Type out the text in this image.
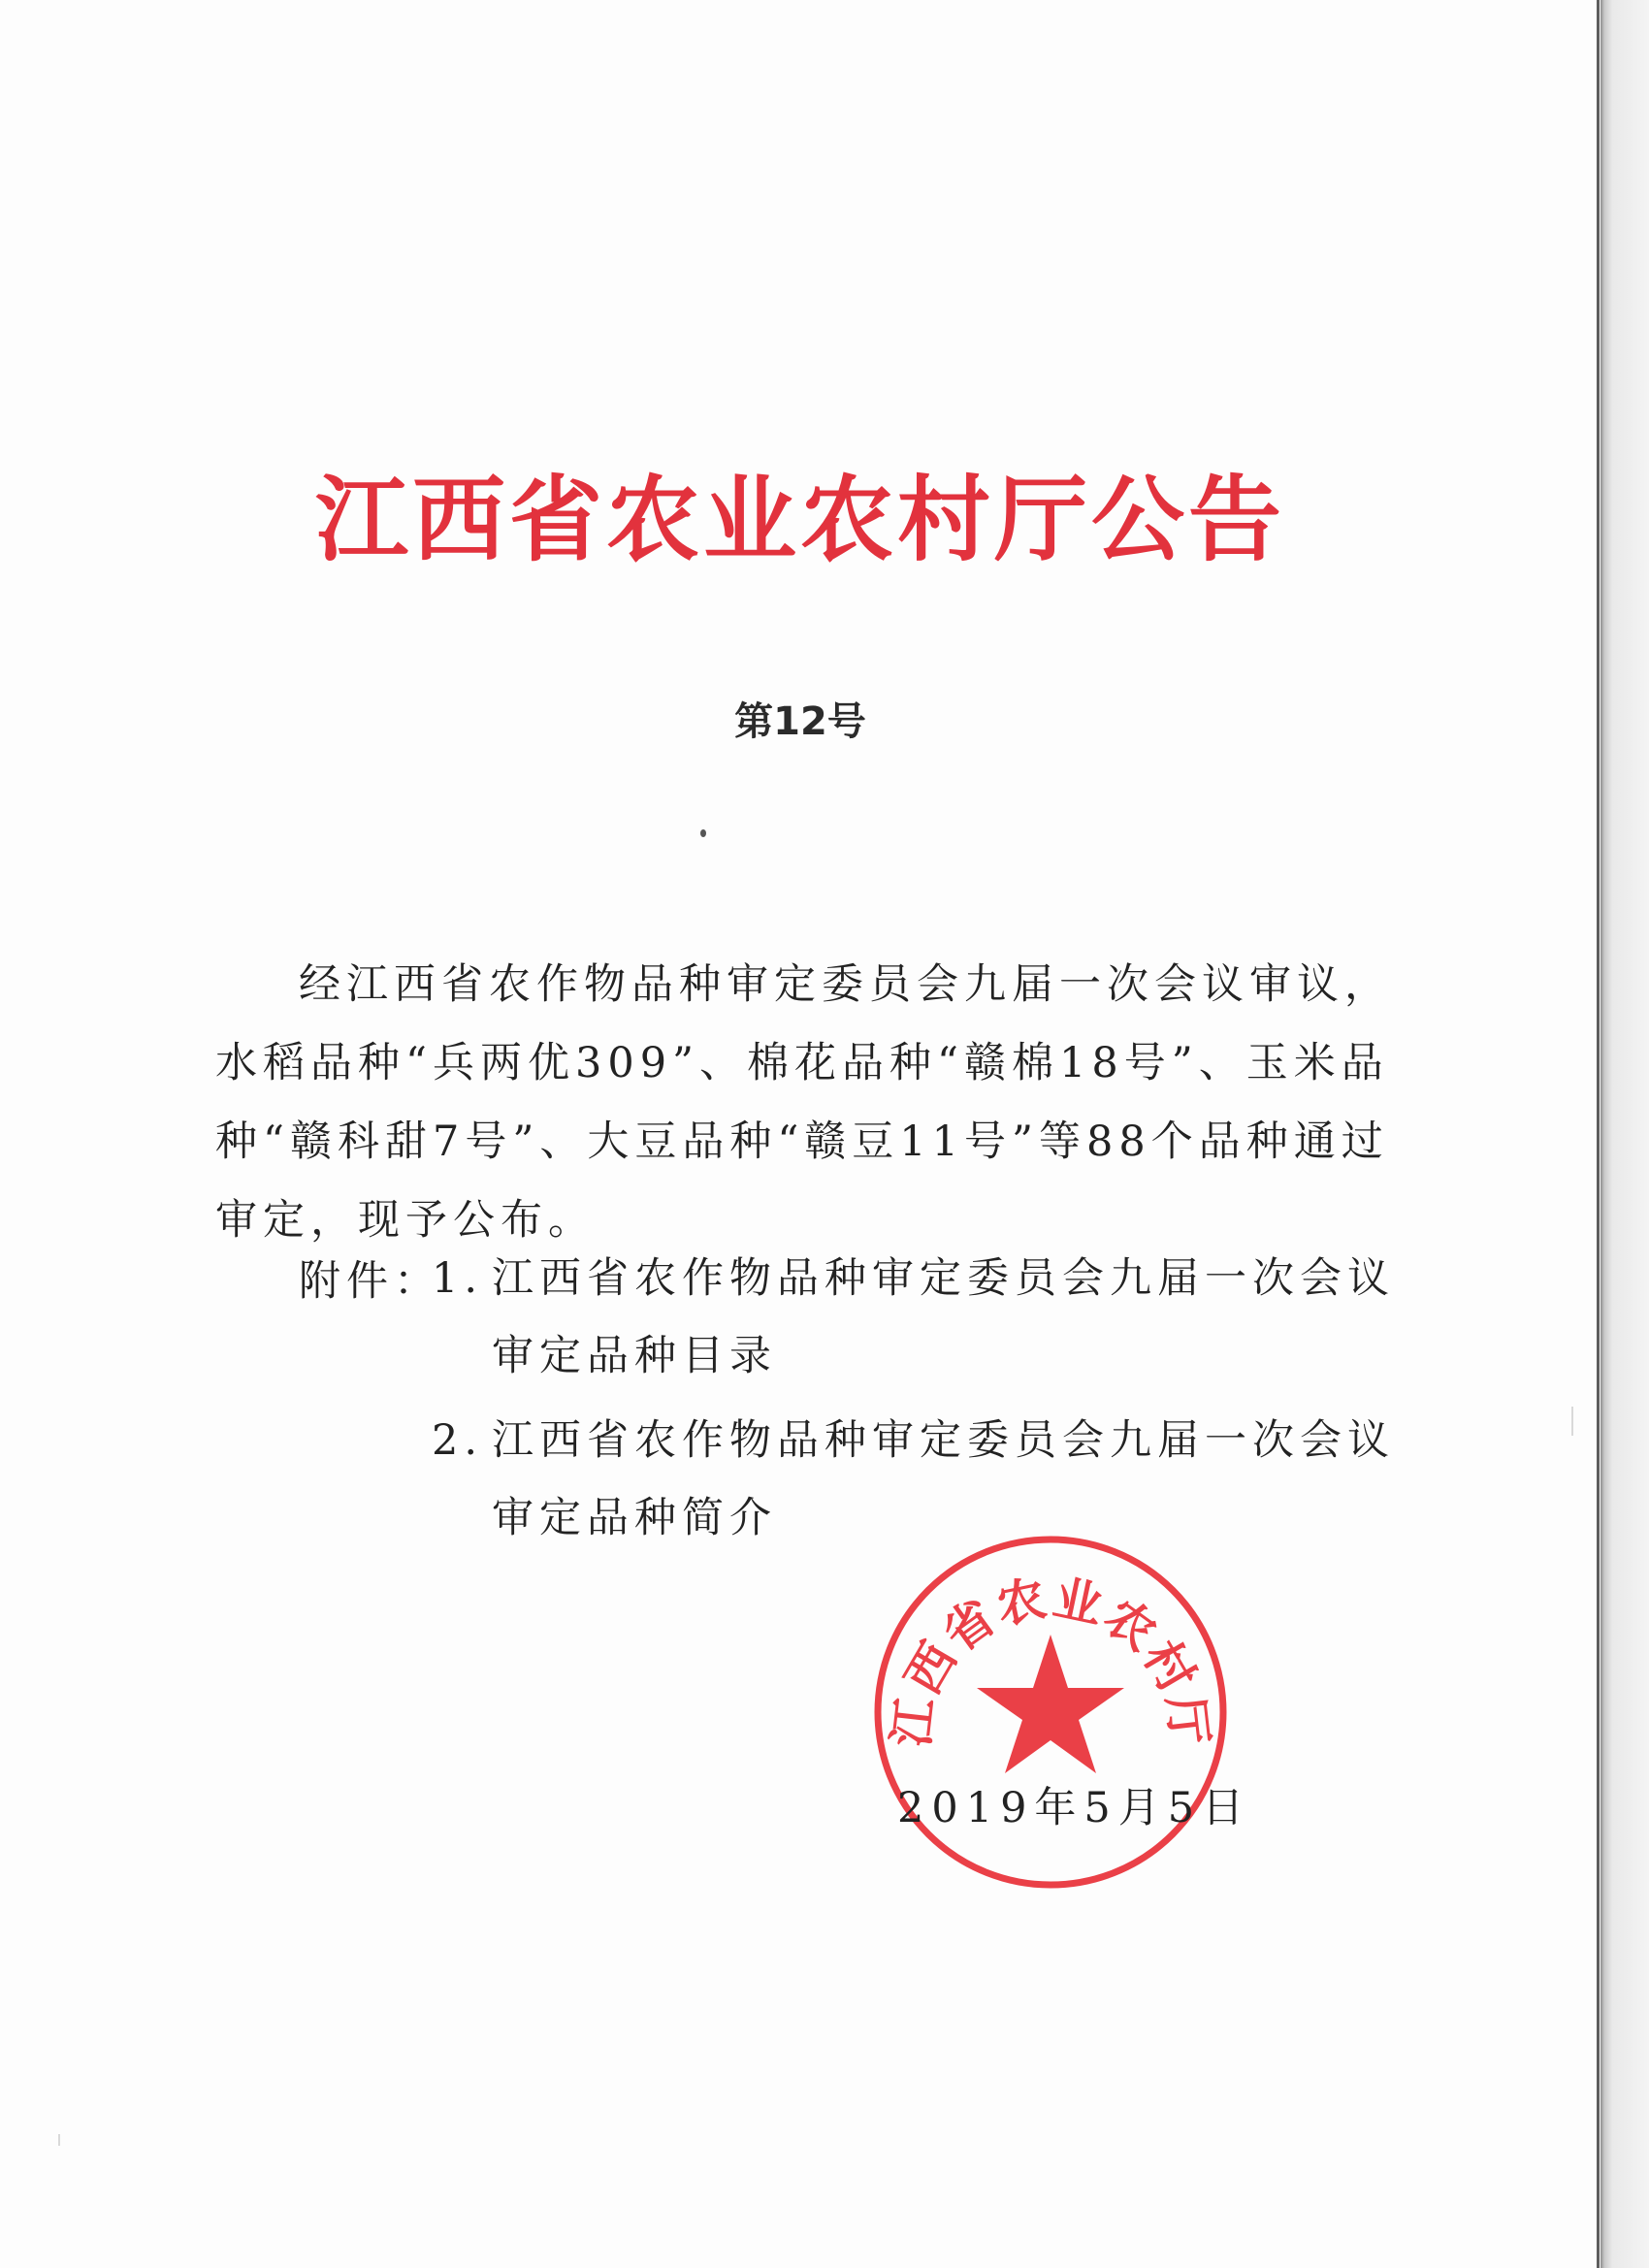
江西省农业农村厅公告
第12号

经江西省农作物品种审定委员会九届一次会议审议，水稻品种“兵两优309”、棉花品种“赣棉18号”、玉米品种“赣科甜7号”、大豆品种“赣豆11号”等88个品种通过审定，现予公布。

附件：
1. 江西省农作物品种审定委员会九届一次会议审定品种目录
2. 江西省农作物品种审定委员会九届一次会议审定品种简介
江西省农业农村厅
2019年5月5日
